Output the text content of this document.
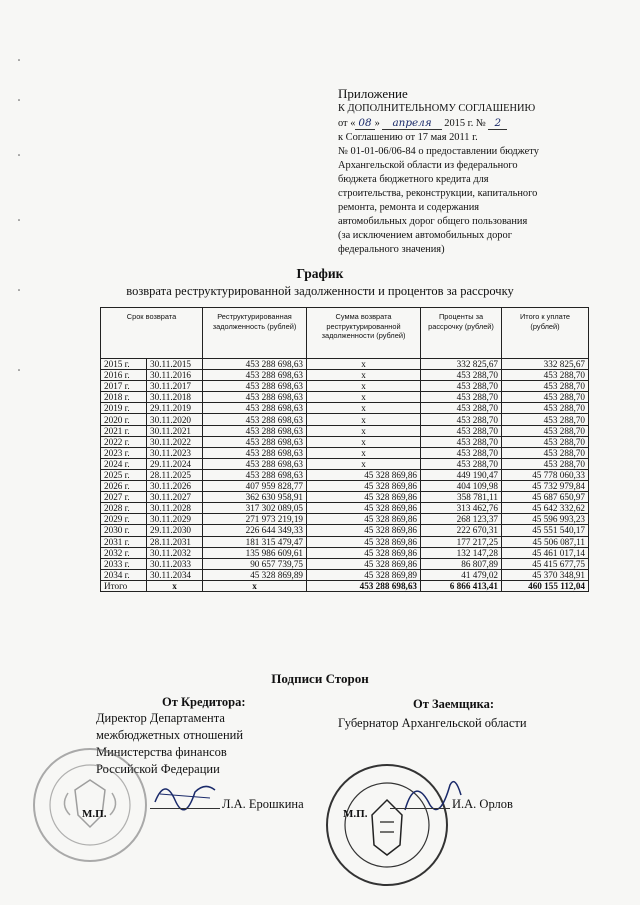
Приложение
К ДОПОЛНИТЕЛЬНОМУ СОГЛАШЕНИЮ
от « 08 » апреля 2015 г. № 2
к Соглашению от 17 мая 2011 г.
№ 01-01-06/06-84 о предоставлении бюджету
Архангельской области из федерального
бюджета бюджетного кредита для
строительства, реконструкции, капитального
ремонта, ремонта и содержания
автомобильных дорог общего пользования
(за исключением автомобильных дорог
федерального значения)
График
возврата реструктурированной задолженности и процентов за рассрочку
Срок возврата		Реструктурированная задолженность (рублей)	Сумма возврата реструктурированной задолженности (рублей)	Проценты за рассрочку (рублей)	Итого к уплате (рублей)
2015 г.	30.11.2015	453 288 698,63	x	332 825,67	332 825,67
2016 г.	30.11.2016	453 288 698,63	x	453 288,70	453 288,70
2017 г.	30.11.2017	453 288 698,63	x	453 288,70	453 288,70
2018 г.	30.11.2018	453 288 698,63	x	453 288,70	453 288,70
2019 г.	29.11.2019	453 288 698,63	x	453 288,70	453 288,70
2020 г.	30.11.2020	453 288 698,63	x	453 288,70	453 288,70
2021 г.	30.11.2021	453 288 698,63	x	453 288,70	453 288,70
2022 г.	30.11.2022	453 288 698,63	x	453 288,70	453 288,70
2023 г.	30.11.2023	453 288 698,63	x	453 288,70	453 288,70
2024 г.	29.11.2024	453 288 698,63	x	453 288,70	453 288,70
2025 г.	28.11.2025	453 288 698,63	45 328 869,86	449 190,47	45 778 060,33
2026 г.	30.11.2026	407 959 828,77	45 328 869,86	404 109,98	45 732 979,84
2027 г.	30.11.2027	362 630 958,91	45 328 869,86	358 781,11	45 687 650,97
2028 г.	30.11.2028	317 302 089,05	45 328 869,86	313 462,76	45 642 332,62
2029 г.	30.11.2029	271 973 219,19	45 328 869,86	268 123,37	45 596 993,23
2030 г.	29.11.2030	226 644 349,33	45 328 869,86	222 670,31	45 551 540,17
2031 г.	28.11.2031	181 315 479,47	45 328 869,86	177 217,25	45 506 087,11
2032 г.	30.11.2032	135 986 609,61	45 328 869,86	132 147,28	45 461 017,14
2033 г.	30.11.2033	90 657 739,75	45 328 869,86	86 807,89	45 415 677,75
2034 г.	30.11.2034	45 328 869,89	45 328 869,89	41 479,02	45 370 348,91
Итого	x	x	453 288 698,63	6 866 413,41	460 155 112,04
Подписи Сторон
От Кредитора:
Директор Департамента
межбюджетных отношений
Министерства финансов
Российской Федерации
От Заемщика:
Губернатор Архангельской области
М.П.
Л.А. Ерошкина
М.П.
И.А. Орлов
